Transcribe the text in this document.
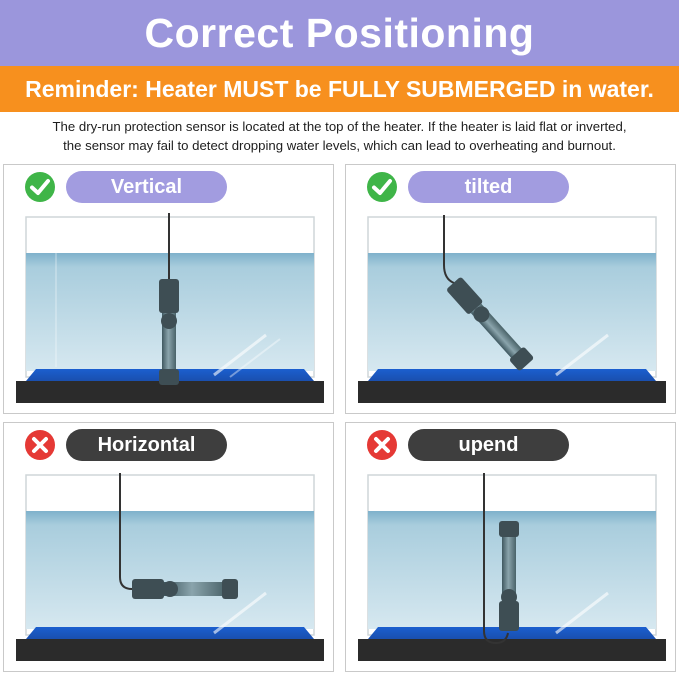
Correct Positioning
Reminder: Heater MUST be FULLY SUBMERGED in water.
The dry-run protection sensor is located at the top of the heater. If the heater is laid flat or inverted,
the sensor may fail to detect dropping water levels, which can lead to overheating and burnout.
Vertical	tilted
Horizontal	upend
